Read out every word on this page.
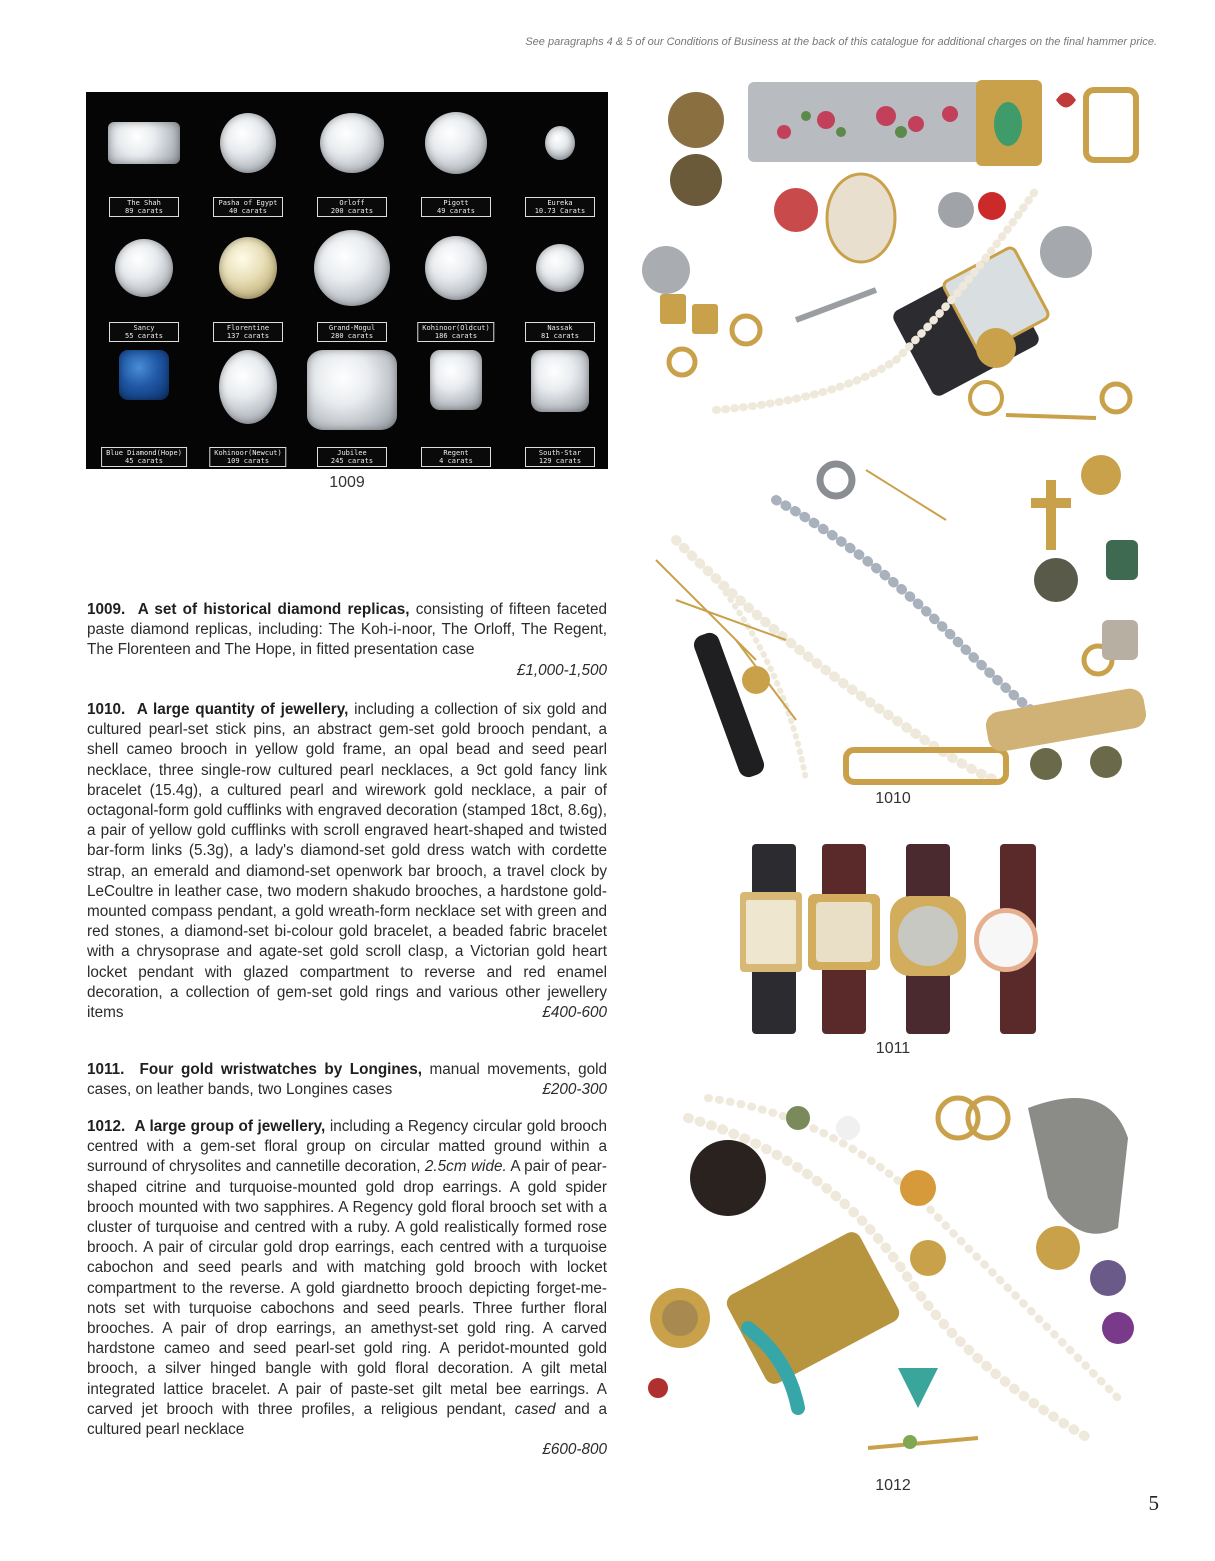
See paragraphs 4 & 5 of our Conditions of Business at the back of this catalogue for additional charges on the final hammer price.
The Shah
89 carats
Pasha of Egypt
40 carats
Orloff
200 carats
Pigott
49 carats
Eureka
10.73 Carats
Sancy
55 carats
Florentine
137 carats
Grand-Mogul
280 carats
Kohinoor(Oldcut)
186 carats
Nassak
81 carats
Blue Diamond(Hope)
45 carats
Kohinoor(Newcut)
109 carats
Jubilee
245 carats
Regent
4 carats
South-Star
129 carats
1009
1010
1011
1012
1009. A set of historical diamond replicas, consisting of fifteen faceted paste diamond replicas, including: The Koh-i-noor, The Orloff, The Regent, The Florenteen and The Hope, in fitted presentation case
£1,000-1,500
1010. A large quantity of jewellery, including a collection of six gold and cultured pearl-set stick pins, an abstract gem-set gold brooch pendant, a shell cameo brooch in yellow gold frame, an opal bead and seed pearl necklace, three single-row cultured pearl necklaces, a 9ct gold fancy link bracelet (15.4g), a cultured pearl and wirework gold necklace, a pair of octagonal-form gold cufflinks with engraved decoration (stamped 18ct, 8.6g), a pair of yellow gold cufflinks with scroll engraved heart-shaped and twisted bar-form links (5.3g), a lady's diamond-set gold dress watch with cordette strap, an emerald and diamond-set openwork bar brooch, a travel clock by LeCoultre in leather case, two modern shakudo brooches, a hardstone gold-mounted compass pendant, a gold wreath-form necklace set with green and red stones, a diamond-set bi-colour gold bracelet, a beaded fabric bracelet with a chrysoprase and agate-set gold scroll clasp, a Victorian gold heart locket pendant with glazed compartment to reverse and red enamel decoration, a collection of gem-set gold rings and various other jewellery items	£400-600
1011. Four gold wristwatches by Longines, manual movements, gold cases, on leather bands, two Longines cases	£200-300
1012. A large group of jewellery, including a Regency circular gold brooch centred with a gem-set floral group on circular matted ground within a surround of chrysolites and cannetille decoration, 2.5cm wide. A pair of pear-shaped citrine and turquoise-mounted gold drop earrings. A gold spider brooch mounted with two sapphires. A Regency gold floral brooch set with a cluster of turquoise and centred with a ruby. A gold realistically formed rose brooch. A pair of circular gold drop earrings, each centred with a turquoise cabochon and seed pearls and with matching gold brooch with locket compartment to the reverse. A gold giardnetto brooch depicting forget-me-nots set with turquoise cabochons and seed pearls. Three further floral brooches. A pair of drop earrings, an amethyst-set gold ring. A carved hardstone cameo and seed pearl-set gold ring. A peridot-mounted gold brooch, a silver hinged bangle with gold floral decoration. A gilt metal integrated lattice bracelet. A pair of paste-set gilt metal bee earrings. A carved jet brooch with three profiles, a religious pendant, cased and a cultured pearl necklace
£600-800
5
